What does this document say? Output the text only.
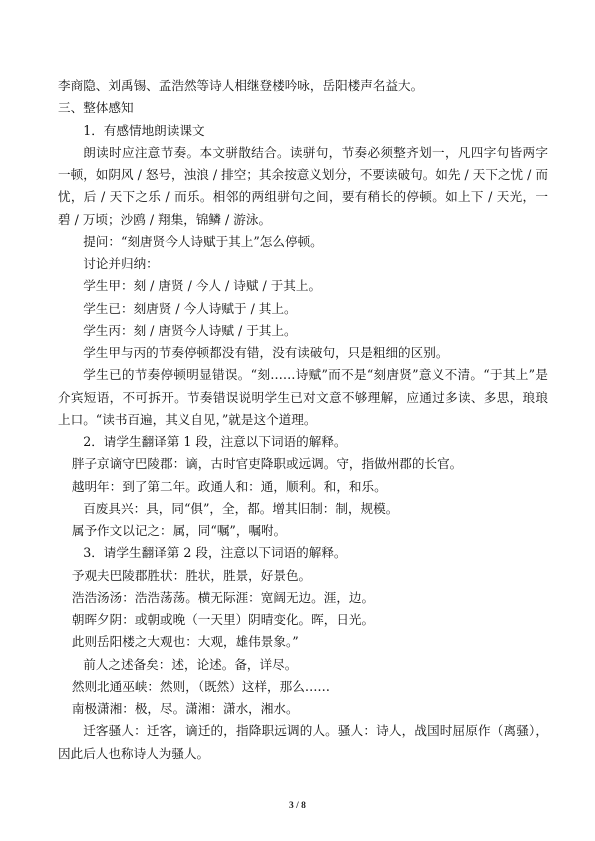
李商隐、刘禹锡、孟浩然等诗人相继登楼吟咏，岳阳楼声名益大。

三、整体感知

1．有感情地朗读课文

朗读时应注意节奏。本文骈散结合。读骈句，节奏必须整齐划一，凡四字句皆两字一顿，如阴风 / 怒号，浊浪 / 排空；其余按意义划分，不要读破句。如先 / 天下之忧 / 而忧，后 / 天下之乐 / 而乐。相邻的两组骈句之间，要有稍长的停顿。如上下 / 天光，一碧 / 万顷；沙鸥 / 翔集，锦鳞 / 游泳。

提问：“刻唐贤今人诗赋于其上”怎么停顿。

讨论并归纳：

学生甲：刻 / 唐贤 / 今人 / 诗赋 / 于其上。

学生已：刻唐贤 / 今人诗赋于 / 其上。

学生丙：刻 / 唐贤今人诗赋 / 于其上。

学生甲与丙的节奏停顿都没有错，没有读破句，只是粗细的区别。

学生已的节奏停顿明显错误。“刻……诗赋”而不是“刻唐贤”意义不清。“于其上”是介宾短语，不可拆开。节奏错误说明学生已对文意不够理解，应通过多读、多思，琅琅上口。“读书百遍，其义自见，”就是这个道理。

2．请学生翻译第 1 段，注意以下词语的解释。

胖子京谪守巴陵郡：谪，古时官吏降职或远调。守，指做州郡的长官。

越明年：到了第二年。政通人和：通，顺利。和，和乐。

百废具兴：具，同“俱”，全，都。增其旧制：制，规模。

属予作文以记之：属，同“嘱”，嘱咐。

3．请学生翻译第 2 段，注意以下词语的解释。

予观夫巴陵郡胜状：胜状，胜景，好景色。

浩浩汤汤：浩浩荡荡。横无际涯：宽阔无边。涯，边。

朝晖夕阴：或朝或晚（一天里）阴晴变化。晖，日光。

此则岳阳楼之大观也：大观，雄伟景象。”

前人之述备矣：述，论述。备，详尽。

然则北通巫峡：然则，（既然）这样，那么……

南极潇湘：极，尽。潇湘：潇水，湘水。

迁客骚人：迁客，谪迁的，指降职远调的人。骚人：诗人，战国时屈原作（离骚），因此后人也称诗人为骚人。

3 / 8
